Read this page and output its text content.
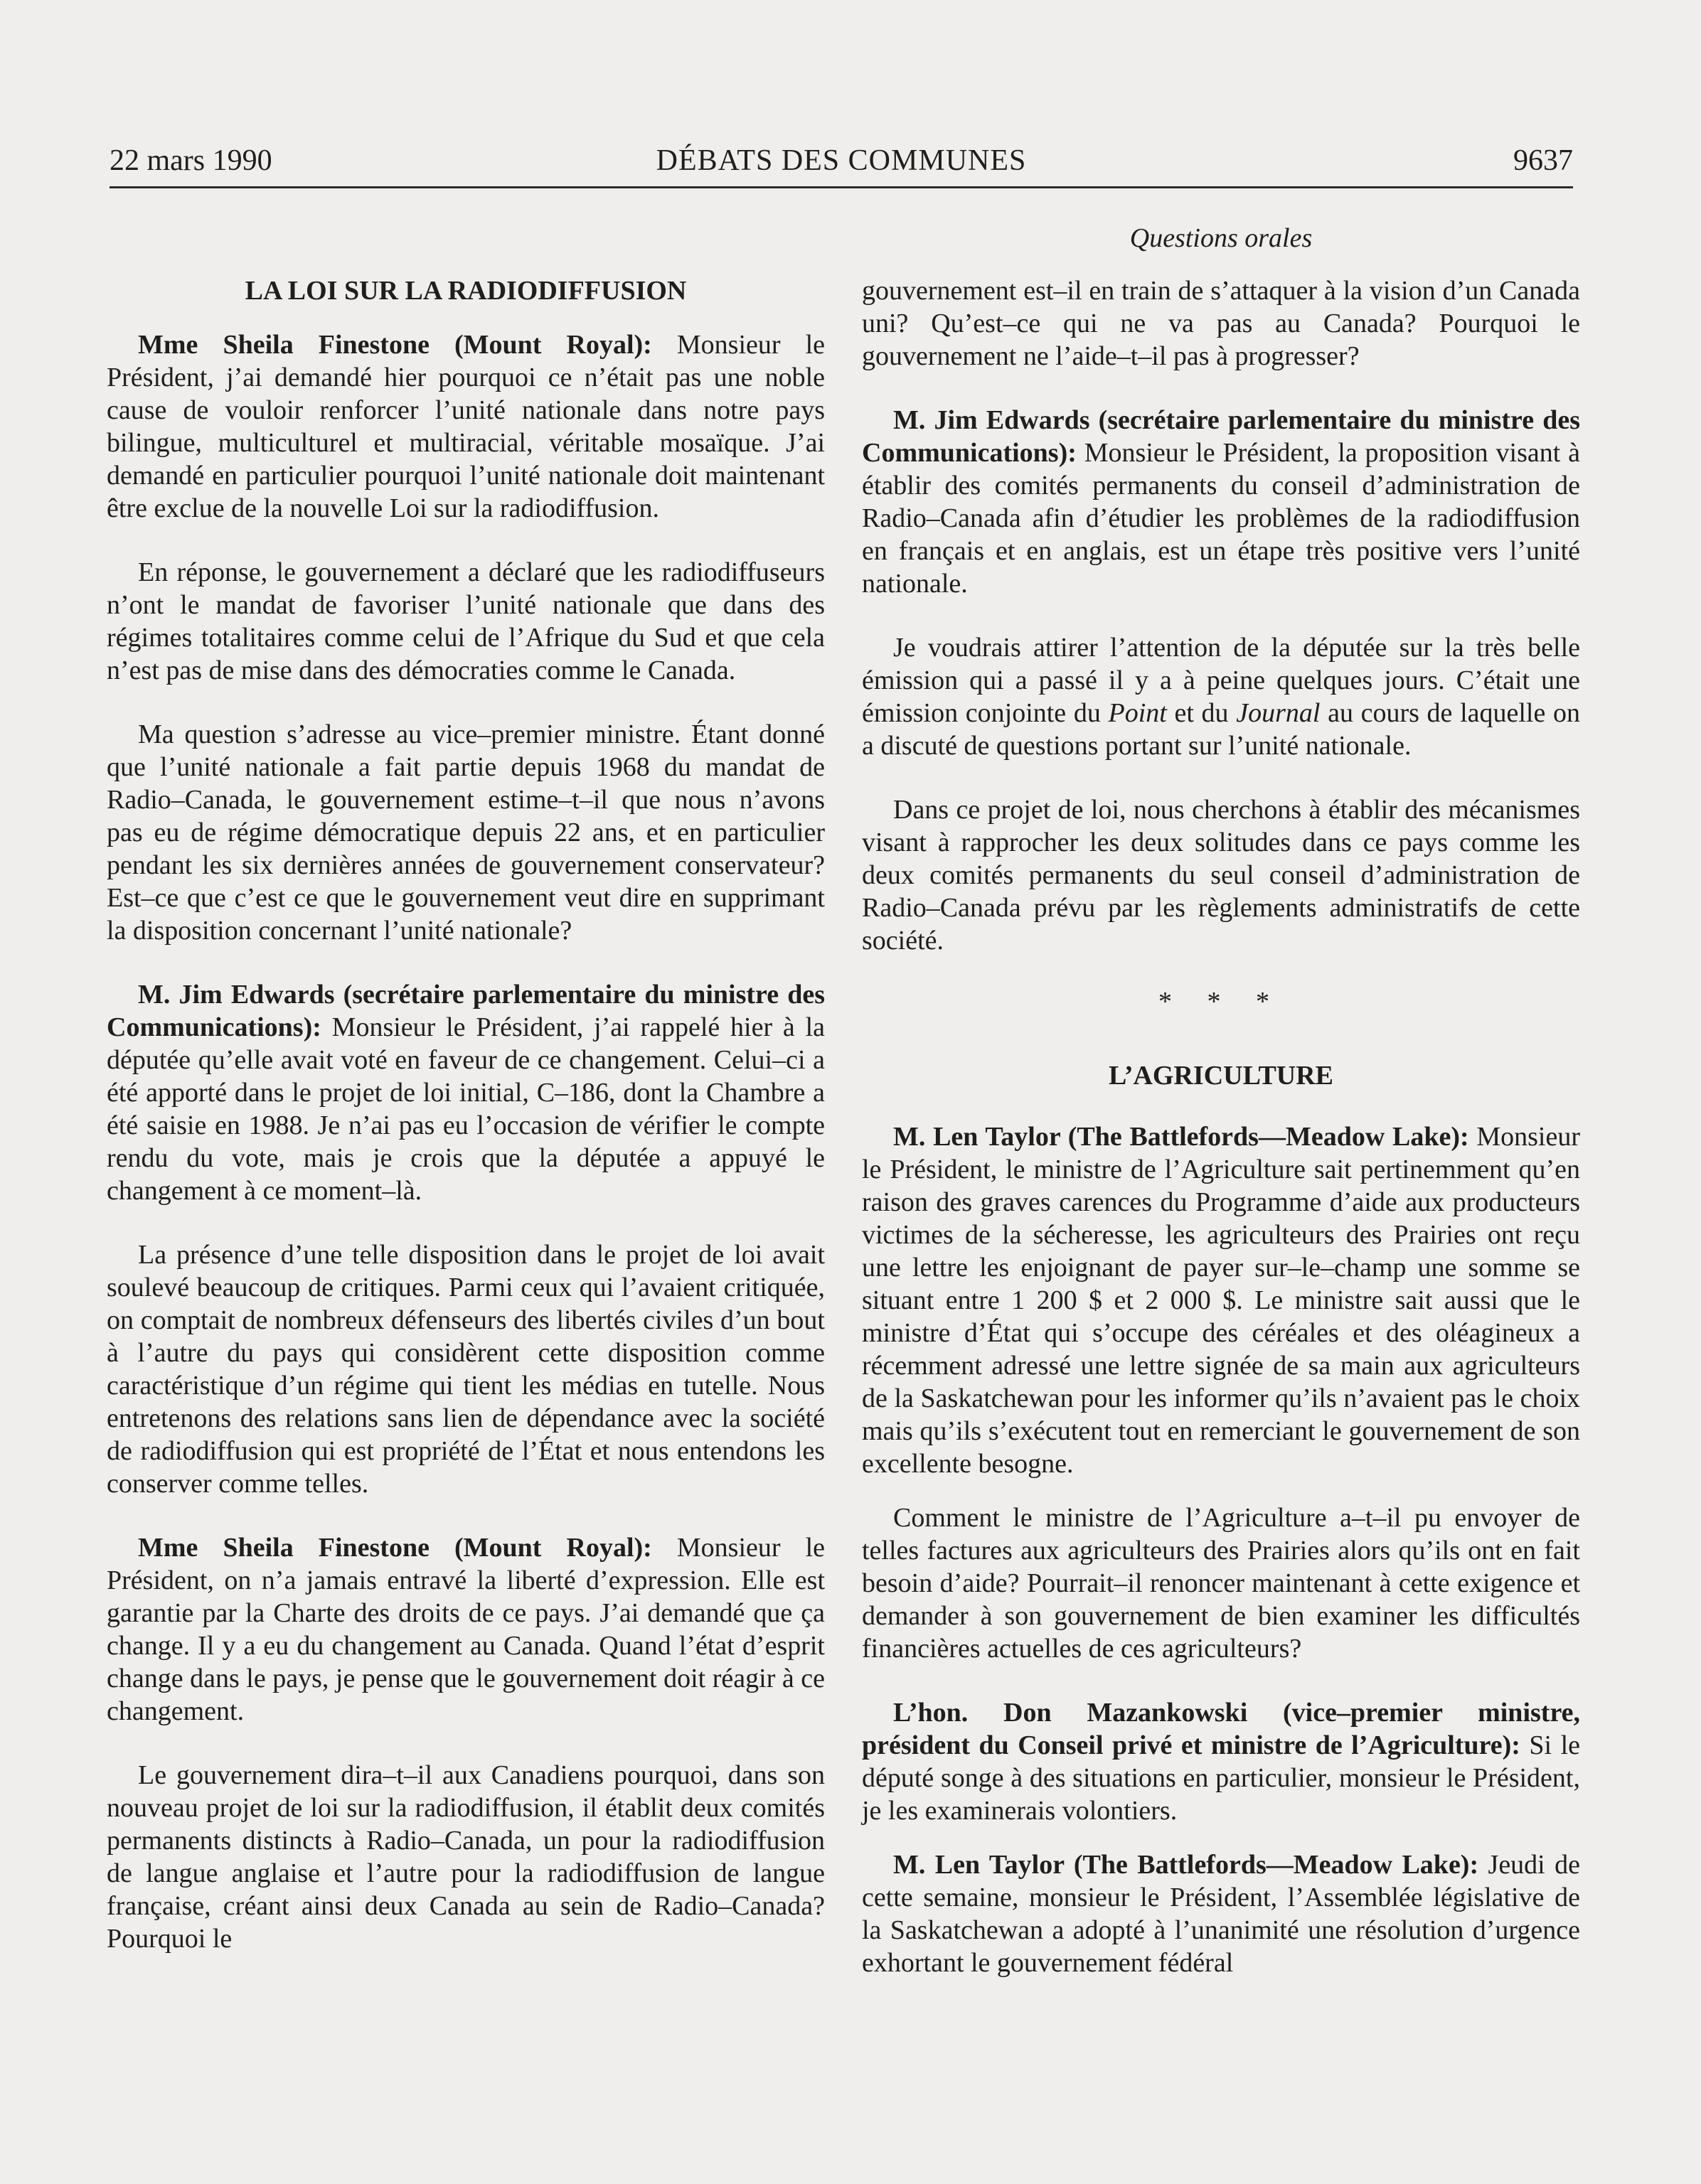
22 mars 1990	DÉBATS DES COMMUNES	9637

LA LOI SUR LA RADIODIFFUSION

Mme Sheila Finestone (Mount Royal): Monsieur le Président, j’ai demandé hier pourquoi ce n’était pas une noble cause de vouloir renforcer l’unité nationale dans notre pays bilingue, multiculturel et multiracial, véritable mosaïque. J’ai demandé en particulier pourquoi l’unité nationale doit maintenant être exclue de la nouvelle Loi sur la radiodiffusion.

En réponse, le gouvernement a déclaré que les radiodiffuseurs n’ont le mandat de favoriser l’unité nationale que dans des régimes totalitaires comme celui de l’Afrique du Sud et que cela n’est pas de mise dans des démocraties comme le Canada.

Ma question s’adresse au vice–premier ministre. Étant donné que l’unité nationale a fait partie depuis 1968 du mandat de Radio–Canada, le gouvernement estime–t–il que nous n’avons pas eu de régime démocratique depuis 22 ans, et en particulier pendant les six dernières années de gouvernement conservateur? Est–ce que c’est ce que le gouvernement veut dire en supprimant la disposition concernant l’unité nationale?

M. Jim Edwards (secrétaire parlementaire du ministre des Communications): Monsieur le Président, j’ai rappelé hier à la députée qu’elle avait voté en faveur de ce changement. Celui–ci a été apporté dans le projet de loi initial, C–186, dont la Chambre a été saisie en 1988. Je n’ai pas eu l’occasion de vérifier le compte rendu du vote, mais je crois que la députée a appuyé le changement à ce moment–là.

La présence d’une telle disposition dans le projet de loi avait soulevé beaucoup de critiques. Parmi ceux qui l’avaient critiquée, on comptait de nombreux défenseurs des libertés civiles d’un bout à l’autre du pays qui considèrent cette disposition comme caractéristique d’un régime qui tient les médias en tutelle. Nous entretenons des relations sans lien de dépendance avec la société de radiodiffusion qui est propriété de l’État et nous entendons les conserver comme telles.

Mme Sheila Finestone (Mount Royal): Monsieur le Président, on n’a jamais entravé la liberté d’expression. Elle est garantie par la Charte des droits de ce pays. J’ai demandé que ça change. Il y a eu du changement au Canada. Quand l’état d’esprit change dans le pays, je pense que le gouvernement doit réagir à ce changement.

Le gouvernement dira–t–il aux Canadiens pourquoi, dans son nouveau projet de loi sur la radiodiffusion, il établit deux comités permanents distincts à Radio–Canada, un pour la radiodiffusion de langue anglaise et l’autre pour la radiodiffusion de langue française, créant ainsi deux Canada au sein de Radio–Canada? Pourquoi le

Questions orales

gouvernement est–il en train de s’attaquer à la vision d’un Canada uni? Qu’est–ce qui ne va pas au Canada? Pourquoi le gouvernement ne l’aide–t–il pas à progresser?

M. Jim Edwards (secrétaire parlementaire du ministre des Communications): Monsieur le Président, la proposition visant à établir des comités permanents du conseil d’administration de Radio–Canada afin d’étudier les problèmes de la radiodiffusion en français et en anglais, est un étape très positive vers l’unité nationale.

Je voudrais attirer l’attention de la députée sur la très belle émission qui a passé il y a à peine quelques jours. C’était une émission conjointe du Point et du Journal au cours de laquelle on a discuté de questions portant sur l’unité nationale.

Dans ce projet de loi, nous cherchons à établir des mécanismes visant à rapprocher les deux solitudes dans ce pays comme les deux comités permanents du seul conseil d’administration de Radio–Canada prévu par les règlements administratifs de cette société.

* * *

L’AGRICULTURE

M. Len Taylor (The Battlefords—Meadow Lake): Monsieur le Président, le ministre de l’Agriculture sait pertinemment qu’en raison des graves carences du Programme d’aide aux producteurs victimes de la sécheresse, les agriculteurs des Prairies ont reçu une lettre les enjoignant de payer sur–le–champ une somme se situant entre 1 200 $ et 2 000 $. Le ministre sait aussi que le ministre d’État qui s’occupe des céréales et des oléagineux a récemment adressé une lettre signée de sa main aux agriculteurs de la Saskatchewan pour les informer qu’ils n’avaient pas le choix mais qu’ils s’exécutent tout en remerciant le gouvernement de son excellente besogne.

Comment le ministre de l’Agriculture a–t–il pu envoyer de telles factures aux agriculteurs des Prairies alors qu’ils ont en fait besoin d’aide? Pourrait–il renoncer maintenant à cette exigence et demander à son gouvernement de bien examiner les difficultés financières actuelles de ces agriculteurs?

L’hon. Don Mazankowski (vice–premier ministre, président du Conseil privé et ministre de l’Agriculture): Si le député songe à des situations en particulier, monsieur le Président, je les examinerais volontiers.

M. Len Taylor (The Battlefords—Meadow Lake): Jeudi de cette semaine, monsieur le Président, l’Assemblée législative de la Saskatchewan a adopté à l’unanimité une résolution d’urgence exhortant le gouvernement fédéral
